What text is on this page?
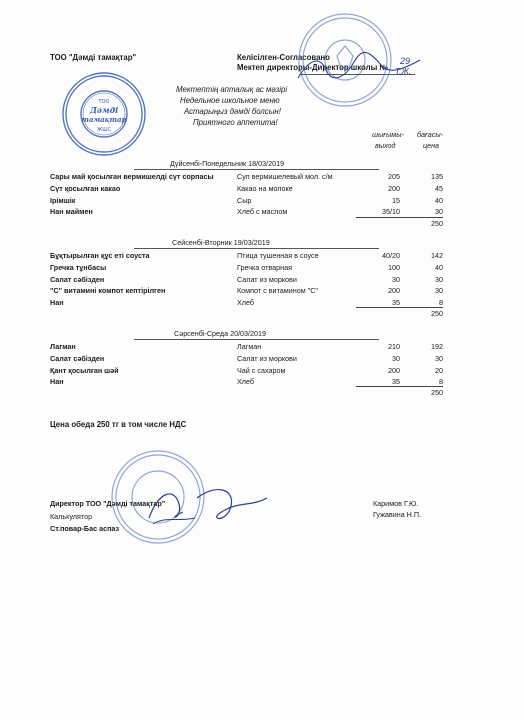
ТОО "Дәмді тамақтар"	Келісілген-Согласовано
Мектеп директоры-Директор школы №
29
Т.Ж.
Мектептің апталық ас мәзірі
Недельное школьное меню
Астарыңыз дәмді болсын!
Приятного аппетита!
шығымы-
выход
бағасы-
цена
Дүйсенбі-Понедельник 18/03/2019
Сары май қосылған вермишелді сүт сорпасы	Суп вермишелевый мол. с/м	205	135
Сүт қосылған какао	Какао на молоке	200	45
Ірімшік	Сыр	15	40
Нан маймен	Хлеб с маслом	35/10	30
250
Сейсенбі-Вторник 19/03/2019
Бұқтырылған құс еті соуста	Птица тушенная в соусе	40/20	142
Гречка тұнбасы	Гречка отварная	100	40
Салат сәбізден	Салат из моркови	30	30
"С" витамині компот кептірілген	Компот с витамином "С"	200	30
Нан	Хлеб	35	8
250
Сәрсенбі-Среда 20/03/2019
Лагман	Лагман	210	192
Салат сәбізден	Салат из моркови	30	30
Қант қосылған шәй	Чай с сахаром	200	20
Нан	Хлеб	35	8
250
Цена обеда 250 тг в том числе НДС
Директор ТОО "Дәмді тамақтар"
Калькулятор
Ст.повар-Бас аспаз
Каримов Г.Ю.
Гужавина Н.П.
· · · · · · · · ·	· · · · · · · · ·
· · · · · · · ·
ТОО
Дәмді
тамақтар
ЖШС
